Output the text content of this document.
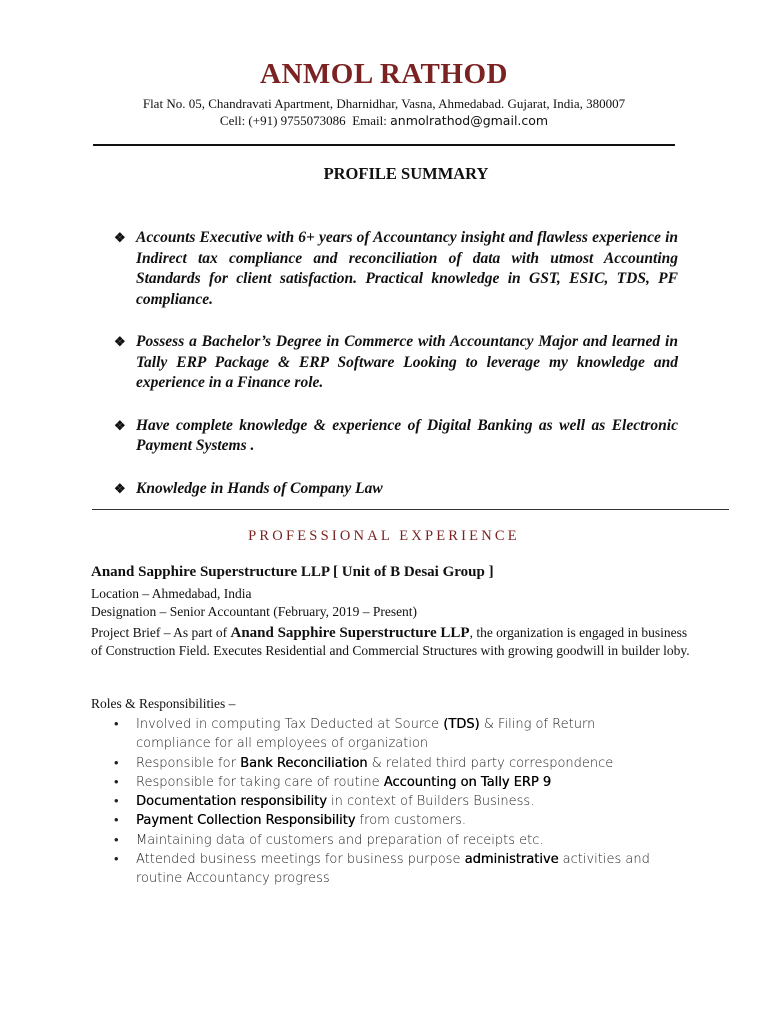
ANMOL RATHOD
Flat No. 05, Chandravati Apartment, Dharnidhar, Vasna, Ahmedabad. Gujarat, India, 380007
Cell: (+91) 9755073086 Email: anmolrathod@gmail.com
PROFILE SUMMARY
❖ Accounts Executive with 6+ years of Accountancy insight and flawless experience in Indirect tax compliance and reconciliation of data with utmost Accounting Standards for client satisfaction. Practical knowledge in GST, ESIC, TDS, PF compliance.
❖ Possess a Bachelor’s Degree in Commerce with Accountancy Major and learned in Tally ERP Package & ERP Software Looking to leverage my knowledge and experience in a Finance role.
❖ Have complete knowledge & experience of Digital Banking as well as Electronic Payment Systems .
❖ Knowledge in Hands of Company Law
PROFESSIONAL EXPERIENCE
Anand Sapphire Superstructure LLP [ Unit of B Desai Group ]
Location – Ahmedabad, India
Designation – Senior Accountant (February, 2019 – Present)
Project Brief – As part of Anand Sapphire Superstructure LLP, the organization is engaged in business of Construction Field. Executes Residential and Commercial Structures with growing goodwill in builder loby.
Roles & Responsibilities –
• Involved in computing Tax Deducted at Source (TDS) & Filing of Return compliance for all employees of organization
• Responsible for Bank Reconciliation & related third party correspondence
• Responsible for taking care of routine Accounting on Tally ERP 9
• Documentation responsibility in context of Builders Business.
• Payment Collection Responsibility from customers.
• Maintaining data of customers and preparation of receipts etc.
• Attended business meetings for business purpose administrative activities and routine Accountancy progress
